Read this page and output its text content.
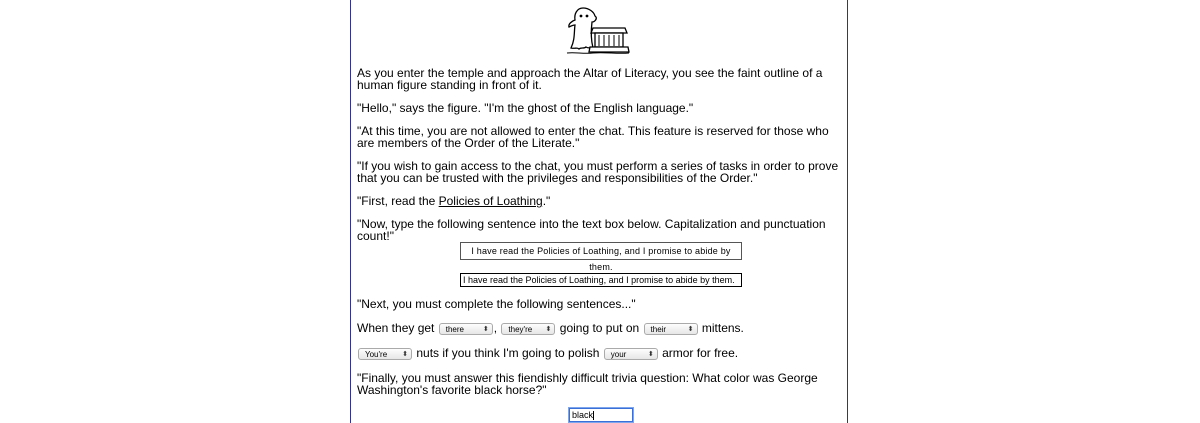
As you enter the temple and approach the Altar of Literacy, you see the faint outline of a human figure standing in front of it.

"Hello," says the figure. "I'm the ghost of the English language."

"At this time, you are not allowed to enter the chat. This feature is reserved for those who are members of the Order of the Literate."

"If you wish to gain access to the chat, you must perform a series of tasks in order to prove that you can be trusted with the privileges and responsibilities of the Order."

"First, read the Policies of Loathing."

"Now, type the following sentence into the text box below. Capitalization and punctuation count!"

I have read the Policies of Loathing, and I promise to abide by them.
I have read the Policies of Loathing, and I promise to abide by them.

"Next, you must complete the following sentences..."

When they get there	⬍ , they're ⬍ going to put on their	⬍ mittens.
You're ⬍ nuts if you think I'm going to polish your	⬍ armor for free.

"Finally, you must answer this fiendishly difficult trivia question: What color was George Washington's favorite black horse?"

black
